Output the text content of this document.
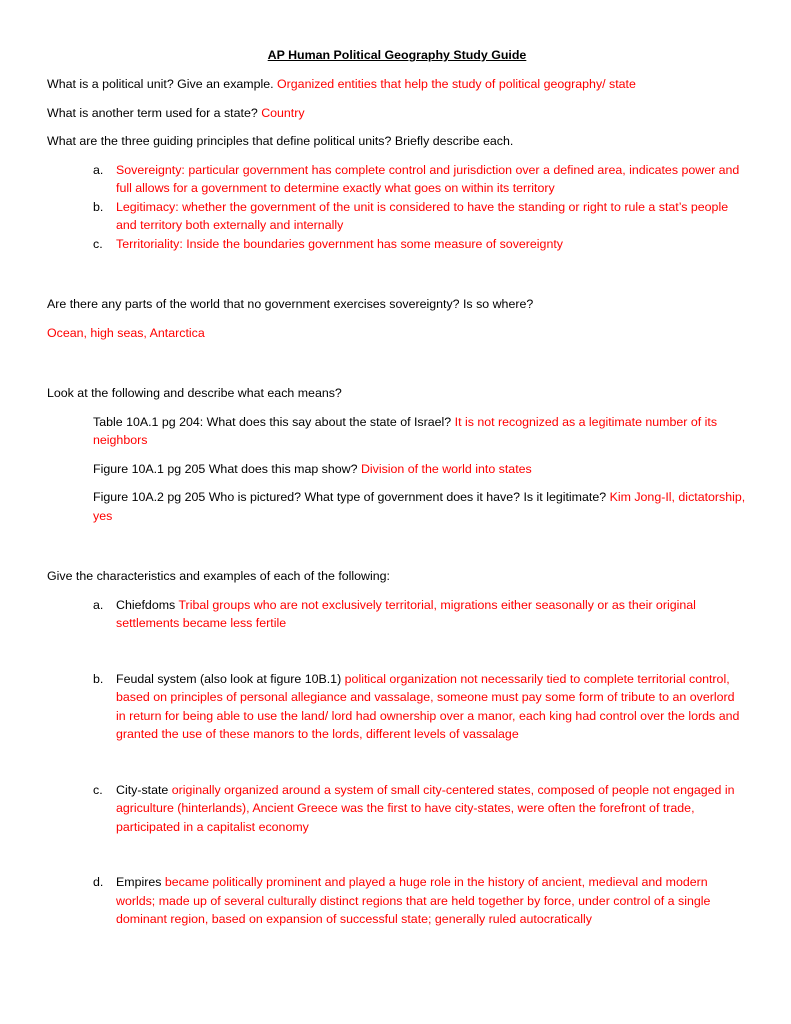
AP Human Political Geography Study Guide

What is a political unit? Give an example. Organized entities that help the study of political geography/ state

What is another term used for a state? Country

What are the three guiding principles that define political units? Briefly describe each.

a.	Sovereignty: particular government has complete control and jurisdiction over a defined area, indicates power and full allows for a government to determine exactly what goes on within its territory
b.	Legitimacy: whether the government of the unit is considered to have the standing or right to rule a stat’s people and territory both externally and internally
c.	Territoriality: Inside the boundaries government has some measure of sovereignty

Are there any parts of the world that no government exercises sovereignty? Is so where?

Ocean, high seas, Antarctica

Look at the following and describe what each means?

Table 10A.1 pg 204: What does this say about the state of Israel? It is not recognized as a legitimate number of its neighbors

Figure 10A.1 pg 205 What does this map show? Division of the world into states

Figure 10A.2 pg 205 Who is pictured? What type of government does it have? Is it legitimate? Kim Jong-Il, dictatorship, yes

Give the characteristics and examples of each of the following:

a.	Chiefdoms Tribal groups who are not exclusively territorial, migrations either seasonally or as their original settlements became less fertile
b.	Feudal system (also look at figure 10B.1) political organization not necessarily tied to complete territorial control, based on principles of personal allegiance and vassalage, someone must pay some form of tribute to an overlord in return for being able to use the land/ lord had ownership over a manor, each king had control over the lords and granted the use of these manors to the lords, different levels of vassalage
c.	City-state originally organized around a system of small city-centered states, composed of people not engaged in agriculture (hinterlands), Ancient Greece was the first to have city-states, were often the forefront of trade, participated in a capitalist economy
d.	Empires became politically prominent and played a huge role in the history of ancient, medieval and modern worlds; made up of several culturally distinct regions that are held together by force, under control of a single dominant region, based on expansion of successful state; generally ruled autocratically
